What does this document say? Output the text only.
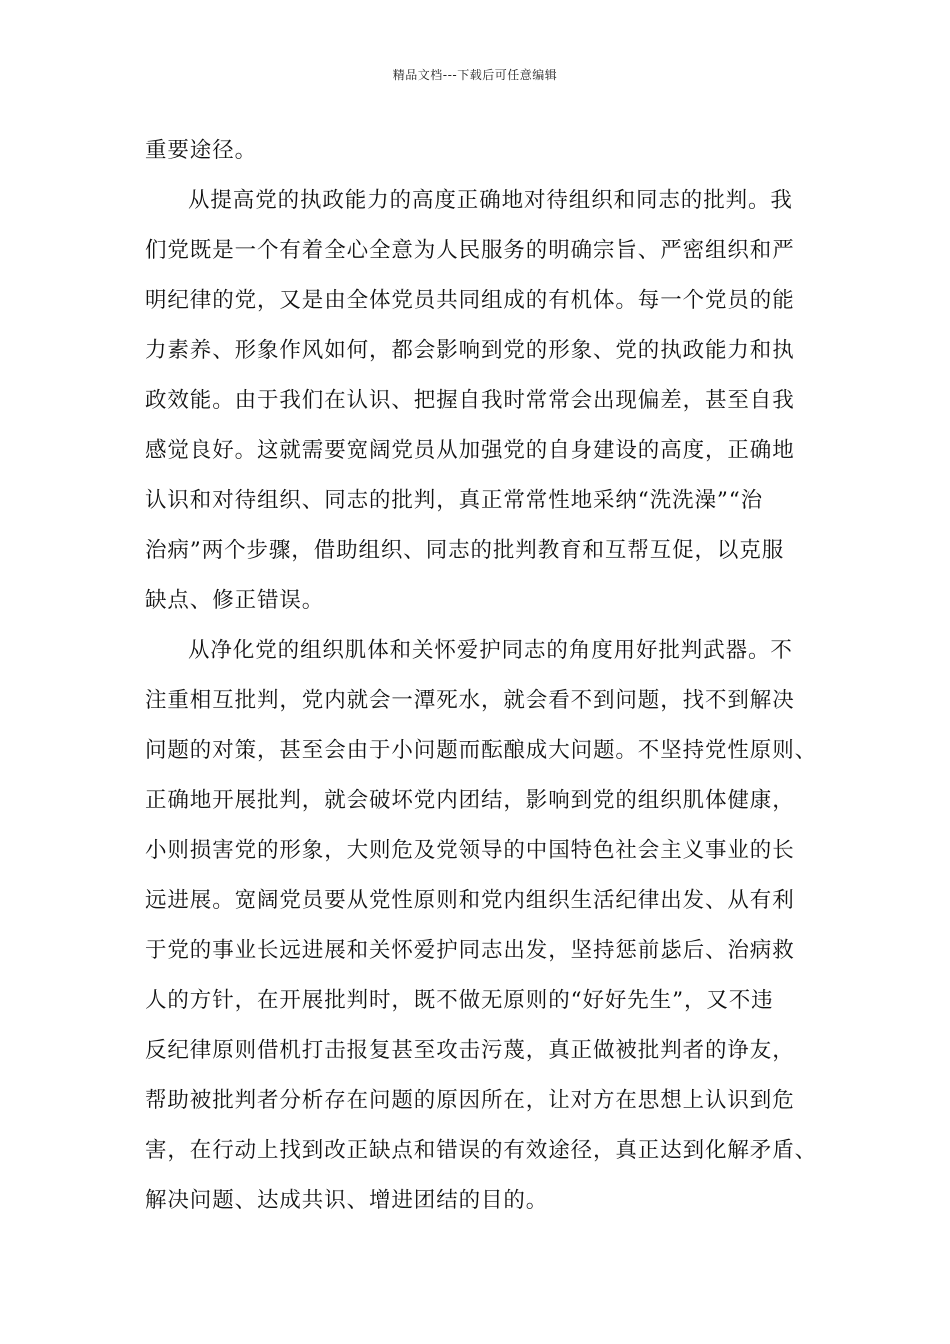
精品文档---下载后可任意编辑
重要途径。
从提高党的执政能力的高度正确地对待组织和同志的批判。我
们党既是一个有着全心全意为人民服务的明确宗旨、严密组织和严
明纪律的党，又是由全体党员共同组成的有机体。每一个党员的能
力素养、形象作风如何，都会影响到党的形象、党的执政能力和执
政效能。由于我们在认识、把握自我时常常会出现偏差，甚至自我
感觉良好。这就需要宽阔党员从加强党的自身建设的高度，正确地
认识和对待组织、同志的批判，真正常常性地采纳“洗洗澡”“治
治病”两个步骤，借助组织、同志的批判教育和互帮互促，以克服
缺点、修正错误。
从净化党的组织肌体和关怀爱护同志的角度用好批判武器。不
注重相互批判，党内就会一潭死水，就会看不到问题，找不到解决
问题的对策，甚至会由于小问题而酝酿成大问题。不坚持党性原则、
正确地开展批判，就会破坏党内团结，影响到党的组织肌体健康，
小则损害党的形象，大则危及党领导的中国特色社会主义事业的长
远进展。宽阔党员要从党性原则和党内组织生活纪律出发、从有利
于党的事业长远进展和关怀爱护同志出发，坚持惩前毖后、治病救
人的方针，在开展批判时，既不做无原则的“好好先生”，又不违
反纪律原则借机打击报复甚至攻击污蔑，真正做被批判者的诤友，
帮助被批判者分析存在问题的原因所在，让对方在思想上认识到危
害，在行动上找到改正缺点和错误的有效途径，真正达到化解矛盾、
解决问题、达成共识、增进团结的目的。
